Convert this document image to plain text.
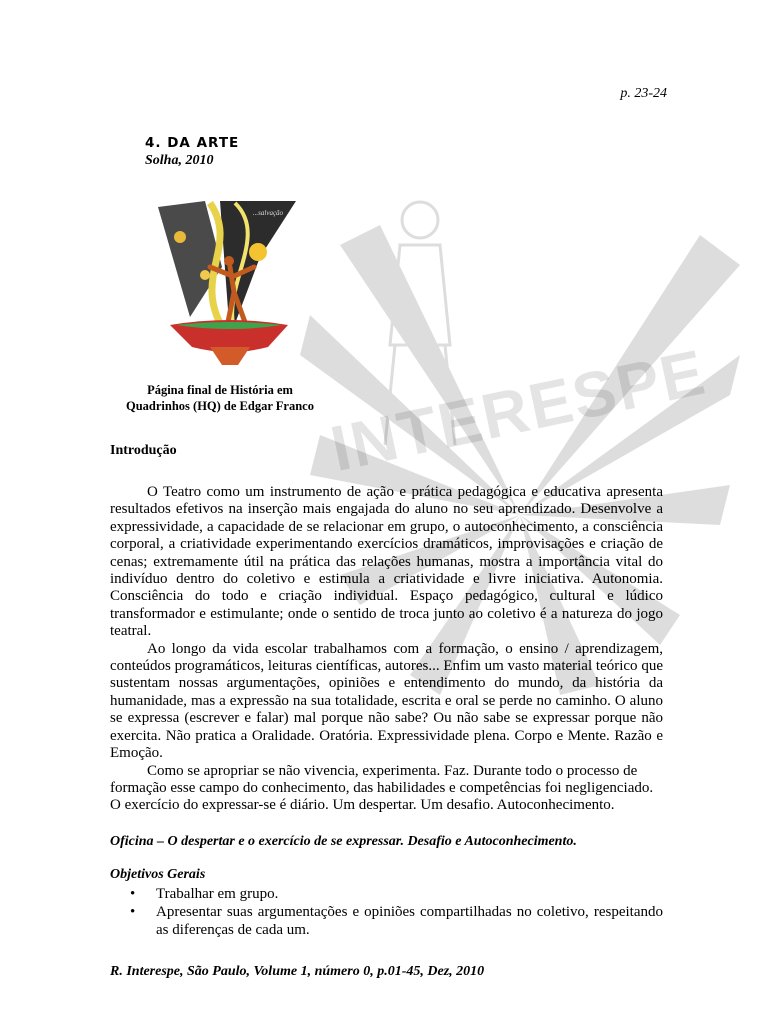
INTERESPE
p. 23-24
4. DA ARTE
Solha, 2010
...salvação
Página final de História em
Quadrinhos (HQ) de Edgar Franco
Introdução

O Teatro como um instrumento de ação e prática pedagógica e educativa apresenta resultados efetivos na inserção mais engajada do aluno no seu aprendizado. Desenvolve a expressividade, a capacidade de se relacionar em grupo, o autoconhecimento, a consciência corporal, a criatividade experimentando exercícios dramáticos, improvisações e criação de cenas; extremamente útil na prática das relações humanas, mostra a importância vital do indivíduo dentro do coletivo e estimula a criatividade e livre iniciativa. Autonomia. Consciência do todo e criação individual. Espaço pedagógico, cultural e lúdico transformador e estimulante; onde o sentido de troca junto ao coletivo é a natureza do jogo teatral.

Ao longo da vida escolar trabalhamos com a formação, o ensino / aprendizagem, conteúdos programáticos, leituras científicas, autores... Enfim um vasto material teórico que sustentam nossas argumentações, opiniões e entendimento do mundo, da história da humanidade, mas a expressão na sua totalidade, escrita e oral se perde no caminho. O aluno se expressa (escrever e falar) mal porque não sabe? Ou não sabe se expressar porque não exercita. Não pratica a Oralidade. Oratória. Expressividade plena. Corpo e Mente. Razão e Emoção.

Como se apropriar se não vivencia, experimenta. Faz. Durante todo o processo de formação esse campo do conhecimento, das habilidades e competências foi negligenciado. O exercício do expressar-se é diário. Um despertar. Um desafio. Autoconhecimento.

Oficina – O despertar e o exercício de se expressar. Desafio e Autoconhecimento.
Objetivos Gerais
• Trabalhar em grupo.
• Apresentar suas argumentações e opiniões compartilhadas no coletivo, respeitando as diferenças de cada um.
R. Interespe, São Paulo, Volume 1, número 0, p.01-45, Dez, 2010
